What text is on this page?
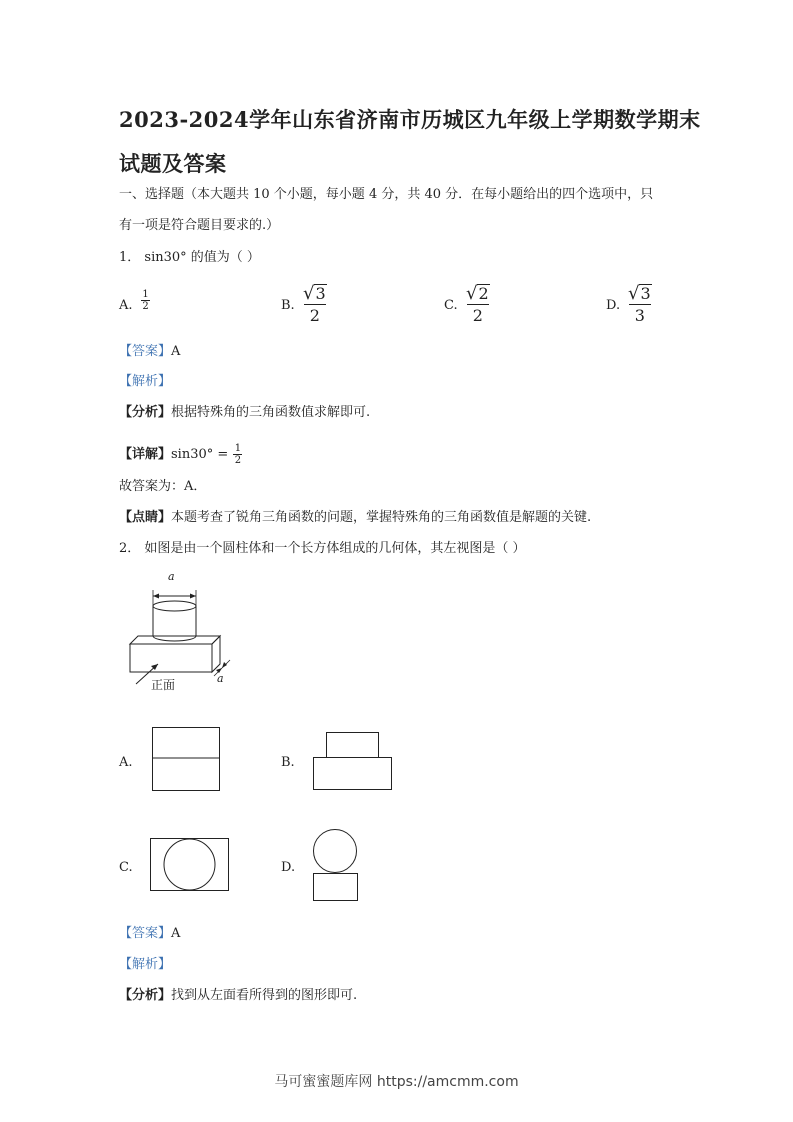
2023-2024学年山东省济南市历城区九年级上学期数学期末
试题及答案
一、选择题（本大题共 10 个小题，每小题 4 分，共 40 分．在每小题给出的四个选项中，只
有一项是符合题目要求的.）
1． sin30° 的值为（ ）
A. $\frac{1}{2}$	B.
√ 3
2
C.
√ 2
2
D.
√ 3
3
【答案】A
【解析】
【分析】根据特殊角的三角函数值求解即可.
【详解】$\sin 30^\circ = \frac{1}{2}$
故答案为：A．
【点睛】本题考查了锐角三角函数的问题，掌握特殊角的三角函数值是解题的关键.
2． 如图是由一个圆柱体和一个长方体组成的几何体，其左视图是（ ）
a
a
正面
A.	B.
C.	D.
【答案】A
【解析】
【分析】找到从左面看所得到的图形即可.
马可蜜蜜题库网 https://amcmm.com
